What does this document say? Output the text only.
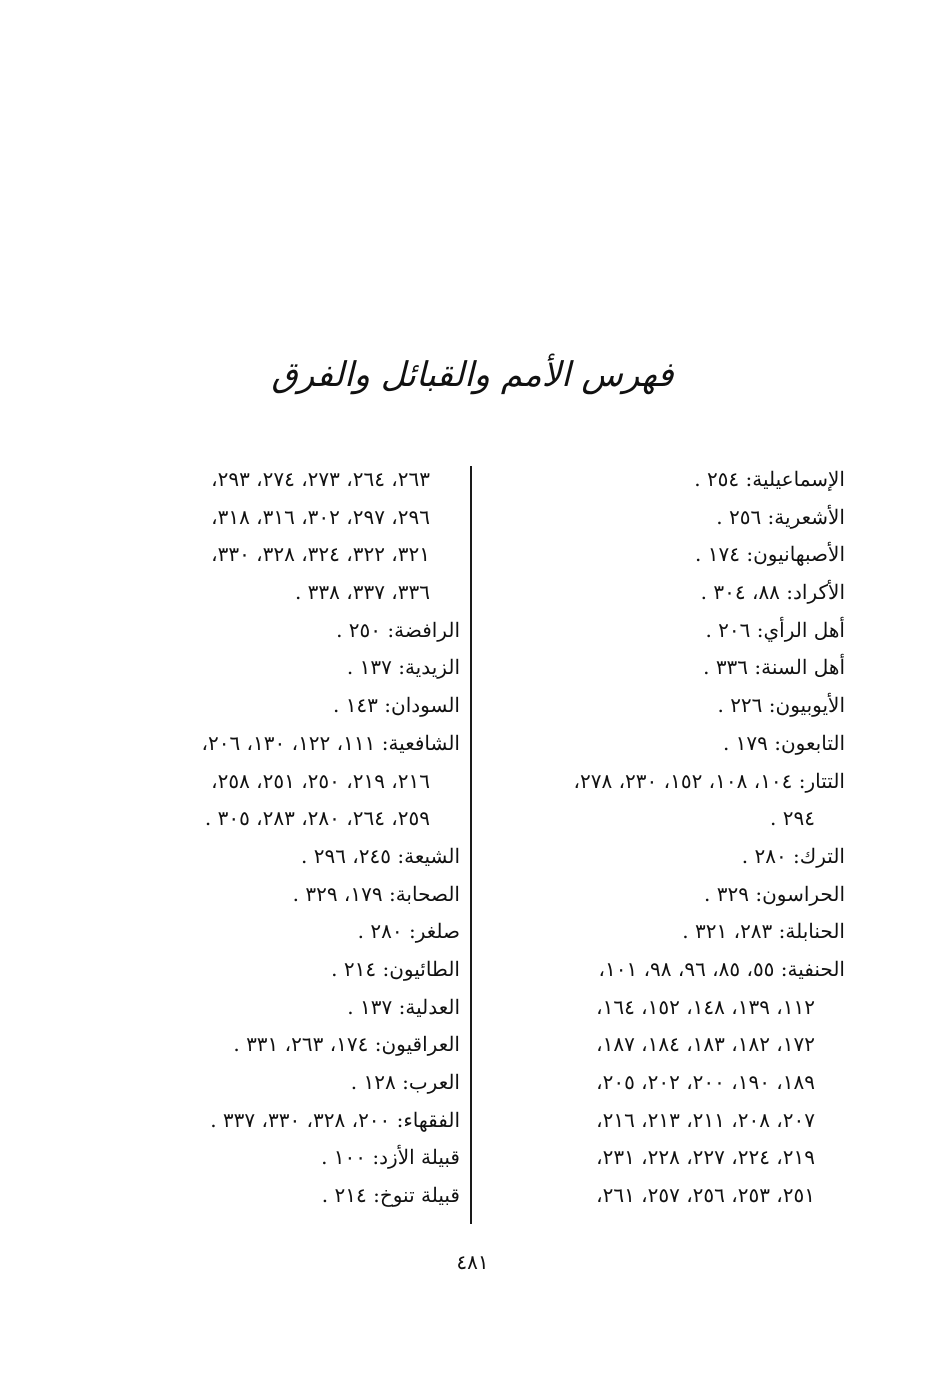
فهرس الأمم والقبائل والفرق
الإسماعيلية: ٢٥٤ .
الأشعرية: ٢٥٦ .
الأصبهانيون: ١٧٤ .
الأكراد: ٨٨، ٣٠٤ .
أهل الرأي: ٢٠٦ .
أهل السنة: ٣٣٦ .
الأيوبيون: ٢٢٦ .
التابعون: ١٧٩ .
التتار: ١٠٤، ١٠٨، ١٥٢، ٢٣٠، ٢٧٨،
٢٩٤ .
الترك: ٢٨٠ .
الحراسون: ٣٢٩ .
الحنابلة: ٢٨٣، ٣٢١ .
الحنفية: ٥٥، ٨٥، ٩٦، ٩٨، ١٠١،
١١٢، ١٣٩، ١٤٨، ١٥٢، ١٦٤،
١٧٢، ١٨٢، ١٨٣، ١٨٤، ١٨٧،
١٨٩، ١٩٠، ٢٠٠، ٢٠٢، ٢٠٥،
٢٠٧، ٢٠٨، ٢١١، ٢١٣، ٢١٦،
٢١٩، ٢٢٤، ٢٢٧، ٢٢٨، ٢٣١،
٢٥١، ٢٥٣، ٢٥٦، ٢٥٧، ٢٦١،
٢٦٣، ٢٦٤، ٢٧٣، ٢٧٤، ٢٩٣،
٢٩٦، ٢٩٧، ٣٠٢، ٣١٦، ٣١٨،
٣٢١، ٣٢٢، ٣٢٤، ٣٢٨، ٣٣٠،
٣٣٦، ٣٣٧، ٣٣٨ .
الرافضة: ٢٥٠ .
الزيدية: ١٣٧ .
السودان: ١٤٣ .
الشافعية: ١١١، ١٢٢، ١٣٠، ٢٠٦،
٢١٦، ٢١٩، ٢٥٠، ٢٥١، ٢٥٨،
٢٥٩، ٢٦٤، ٢٨٠، ٢٨٣، ٣٠٥ .
الشيعة: ٢٤٥، ٢٩٦ .
الصحابة: ١٧٩، ٣٢٩ .
صلغر: ٢٨٠ .
الطائيون: ٢١٤ .
العدلية: ١٣٧ .
العراقيون: ١٧٤، ٢٦٣، ٣٣١ .
العرب: ١٢٨ .
الفقهاء: ٢٠٠، ٣٢٨، ٣٣٠، ٣٣٧ .
قبيلة الأزد: ١٠٠ .
قبيلة تنوخ: ٢١٤ .
٤٨١
